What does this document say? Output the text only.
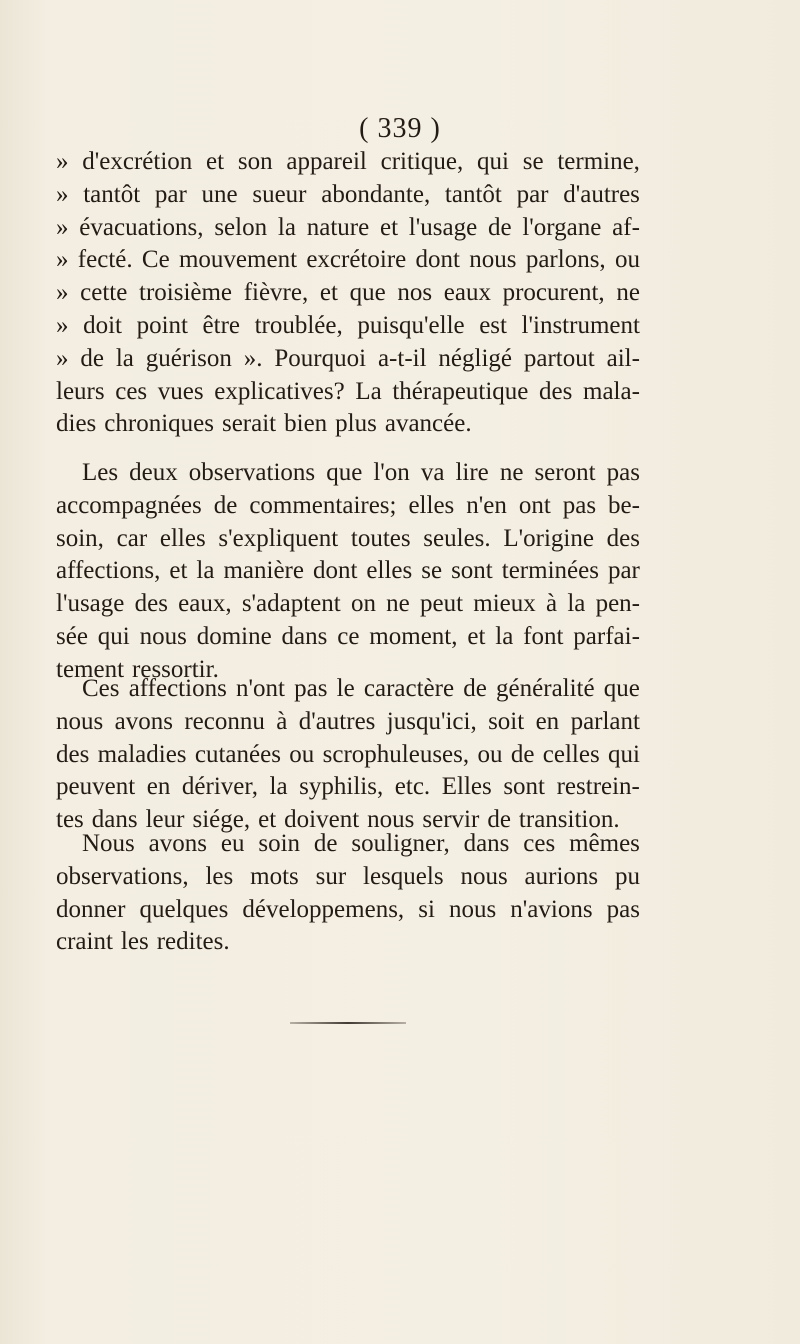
( 339 )
» d'excrétion et son appareil critique, qui se termine,
» tantôt par une sueur abondante, tantôt par d'autres
» évacuations, selon la nature et l'usage de l'organe af-
» fecté. Ce mouvement excrétoire dont nous parlons, ou
» cette troisième fièvre, et que nos eaux procurent, ne
» doit point être troublée, puisqu'elle est l'instrument
» de la guérison ». Pourquoi a-t-il négligé partout ail-
leurs ces vues explicatives? La thérapeutique des mala-
dies chroniques serait bien plus avancée.
Les deux observations que l'on va lire ne seront pas
accompagnées de commentaires; elles n'en ont pas be-
soin, car elles s'expliquent toutes seules. L'origine des
affections, et la manière dont elles se sont terminées par
l'usage des eaux, s'adaptent on ne peut mieux à la pen-
sée qui nous domine dans ce moment, et la font parfai-
tement ressortir.
Ces affections n'ont pas le caractère de généralité que
nous avons reconnu à d'autres jusqu'ici, soit en parlant
des maladies cutanées ou scrophuleuses, ou de celles qui
peuvent en dériver, la syphilis, etc. Elles sont restrein-
tes dans leur siége, et doivent nous servir de transition.
Nous avons eu soin de souligner, dans ces mêmes
observations, les mots sur lesquels nous aurions pu
donner quelques développemens, si nous n'avions pas
craint les redites.
